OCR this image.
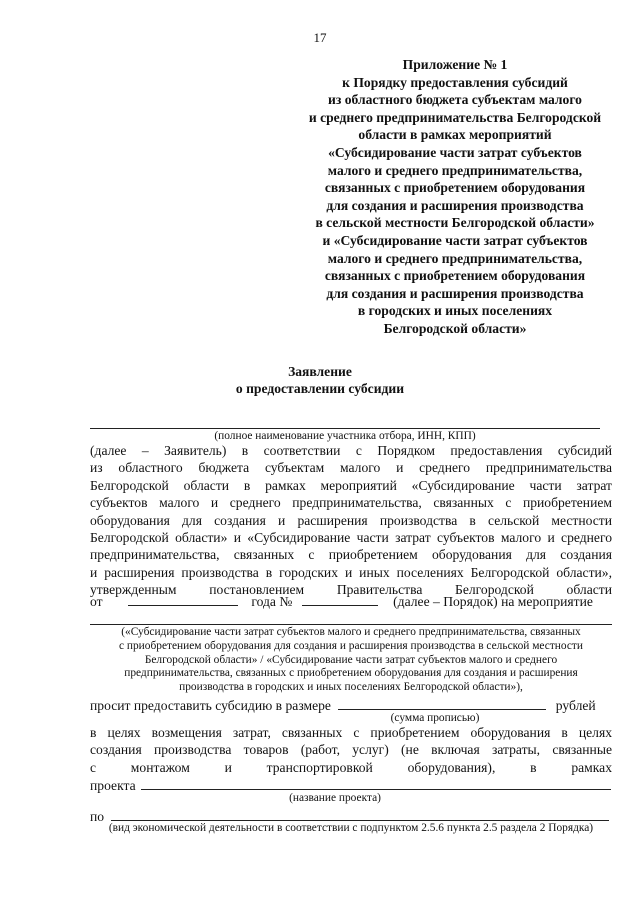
17
Приложение № 1
к Порядку предоставления субсидий
из областного бюджета субъектам малого
и среднего предпринимательства Белгородской
области в рамках мероприятий
«Субсидирование части затрат субъектов
малого и среднего предпринимательства,
связанных с приобретением оборудования
для создания и расширения производства
в сельской местности Белгородской области»
и «Субсидирование части затрат субъектов
малого и среднего предпринимательства,
связанных с приобретением оборудования
для создания и расширения производства
в городских и иных поселениях
Белгородской области»
Заявление
о предоставлении субсидии
(полное наименование участника отбора, ИНН, КПП)
(далее – Заявитель) в соответствии с Порядком предоставления субсидий
из областного бюджета субъектам малого и среднего предпринимательства
Белгородской области в рамках мероприятий «Субсидирование части затрат
субъектов малого и среднего предпринимательства, связанных с приобретением
оборудования для создания и расширения производства в сельской местности
Белгородской области» и «Субсидирование части затрат субъектов малого и среднего
предпринимательства, связанных с приобретением оборудования для создания
и расширения производства в городских и иных поселениях Белгородской области»,
утвержденным постановлением Правительства Белгородской области
от	года №	(далее – Порядок) на мероприятие
(«Субсидирование части затрат субъектов малого и среднего предпринимательства, связанных
с приобретением оборудования для создания и расширения производства в сельской местности
Белгородской области» / «Субсидирование части затрат субъектов малого и среднего
предпринимательства, связанных с приобретением оборудования для создания и расширения
производства в городских и иных поселениях Белгородской области»),
просит предоставить субсидию в размере	рублей
(сумма прописью)
в целях возмещения затрат, связанных с приобретением оборудования в целях
создания производства товаров (работ, услуг) (не включая затраты, связанные
с монтажом и транспортировкой оборудования), в рамках
проекта
(название проекта)
по
(вид экономической деятельности в соответствии с подпунктом 2.5.6 пункта 2.5 раздела 2 Порядка)
